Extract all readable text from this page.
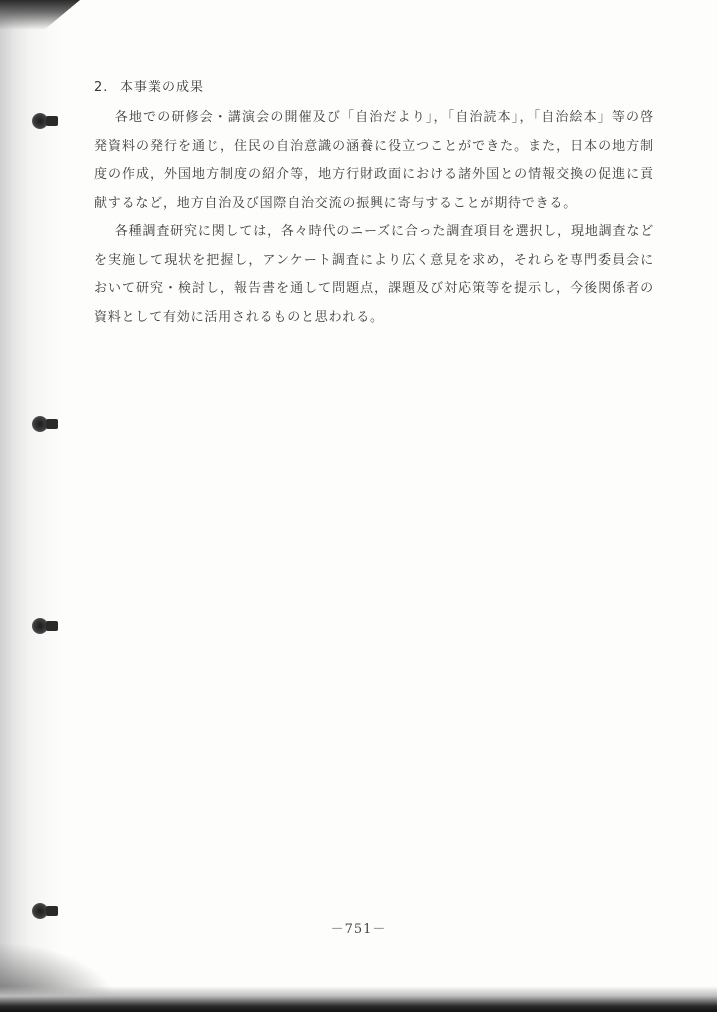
2. 本事業の成果

各地での研修会・講演会の開催及び「自治だより」，「自治読本」，「自治絵本」等の啓発資料の発行を通じ，住民の自治意識の涵養に役立つことができた。また，日本の地方制度の作成，外国地方制度の紹介等，地方行財政面における諸外国との情報交換の促進に貢献するなど，地方自治及び国際自治交流の振興に寄与することが期待できる。

各種調査研究に関しては，各々時代のニーズに合った調査項目を選択し，現地調査などを実施して現状を把握し，アンケート調査により広く意見を求め，それらを専門委員会において研究・検討し，報告書を通して問題点，課題及び対応策等を提示し，今後関係者の資料として有効に活用されるものと思われる。

－751－
